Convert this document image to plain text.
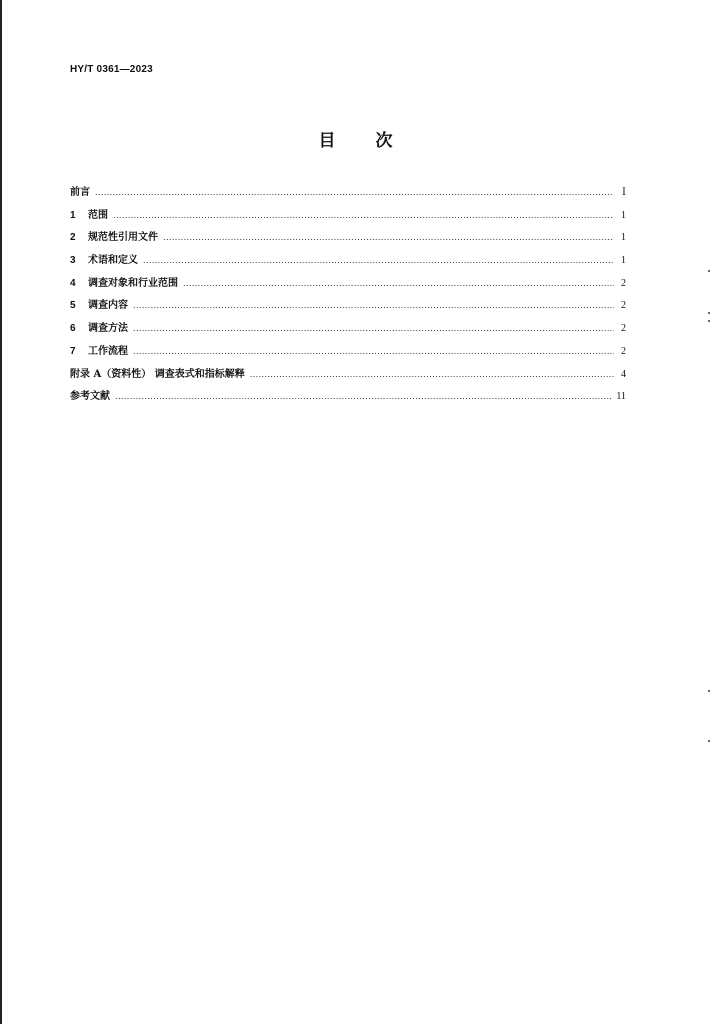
HY/T 0361—2023
目 次
前言 .....	Ⅰ
1	范围 .....	1
2	规范性引用文件 .....	1
3	术语和定义 .....	1
4	调查对象和行业范围 .....	2
5	调查内容 .....	2
6	调查方法 .....	2
7	工作流程 .....	2
附录 A（资料性） 调查表式和指标解释 .....	4
参考文献 .....	11
